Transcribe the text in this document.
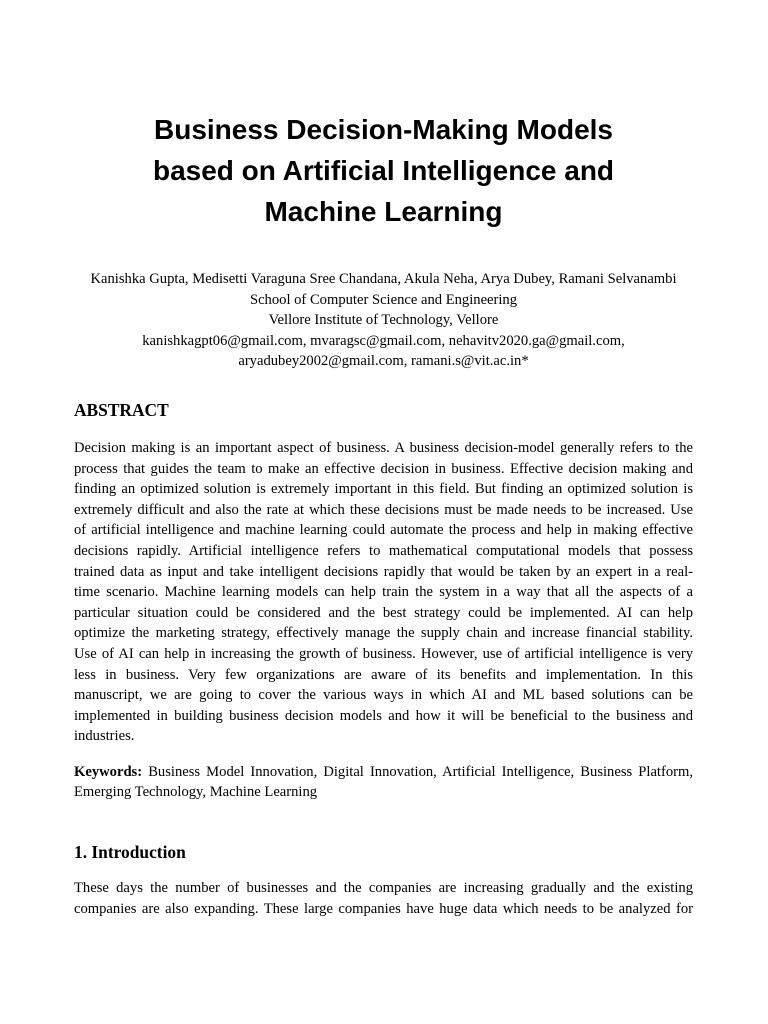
Business Decision-Making Models
based on Artificial Intelligence and
Machine Learning
Kanishka Gupta, Medisetti Varaguna Sree Chandana, Akula Neha, Arya Dubey, Ramani Selvanambi
School of Computer Science and Engineering
Vellore Institute of Technology, Vellore
kanishkagpt06@gmail.com, mvaragsc@gmail.com, nehavitv2020.ga@gmail.com,
aryadubey2002@gmail.com, ramani.s@vit.ac.in*
ABSTRACT
Decision making is an important aspect of business. A business decision-model generally refers to the
process that guides the team to make an effective decision in business. Effective decision making and
finding an optimized solution is extremely important in this field. But finding an optimized solution is
extremely difficult and also the rate at which these decisions must be made needs to be increased. Use
of artificial intelligence and machine learning could automate the process and help in making effective
decisions rapidly. Artificial intelligence refers to mathematical computational models that possess
trained data as input and take intelligent decisions rapidly that would be taken by an expert in a real-
time scenario. Machine learning models can help train the system in a way that all the aspects of a
particular situation could be considered and the best strategy could be implemented. AI can help
optimize the marketing strategy, effectively manage the supply chain and increase financial stability.
Use of AI can help in increasing the growth of business. However, use of artificial intelligence is very
less in business. Very few organizations are aware of its benefits and implementation. In this
manuscript, we are going to cover the various ways in which AI and ML based solutions can be
implemented in building business decision models and how it will be beneficial to the business and
industries.
Keywords: Business Model Innovation, Digital Innovation, Artificial Intelligence, Business Platform,
Emerging Technology, Machine Learning
1. Introduction
These days the number of businesses and the companies are increasing gradually and the existing
companies are also expanding. These large companies have huge data which needs to be analyzed for
